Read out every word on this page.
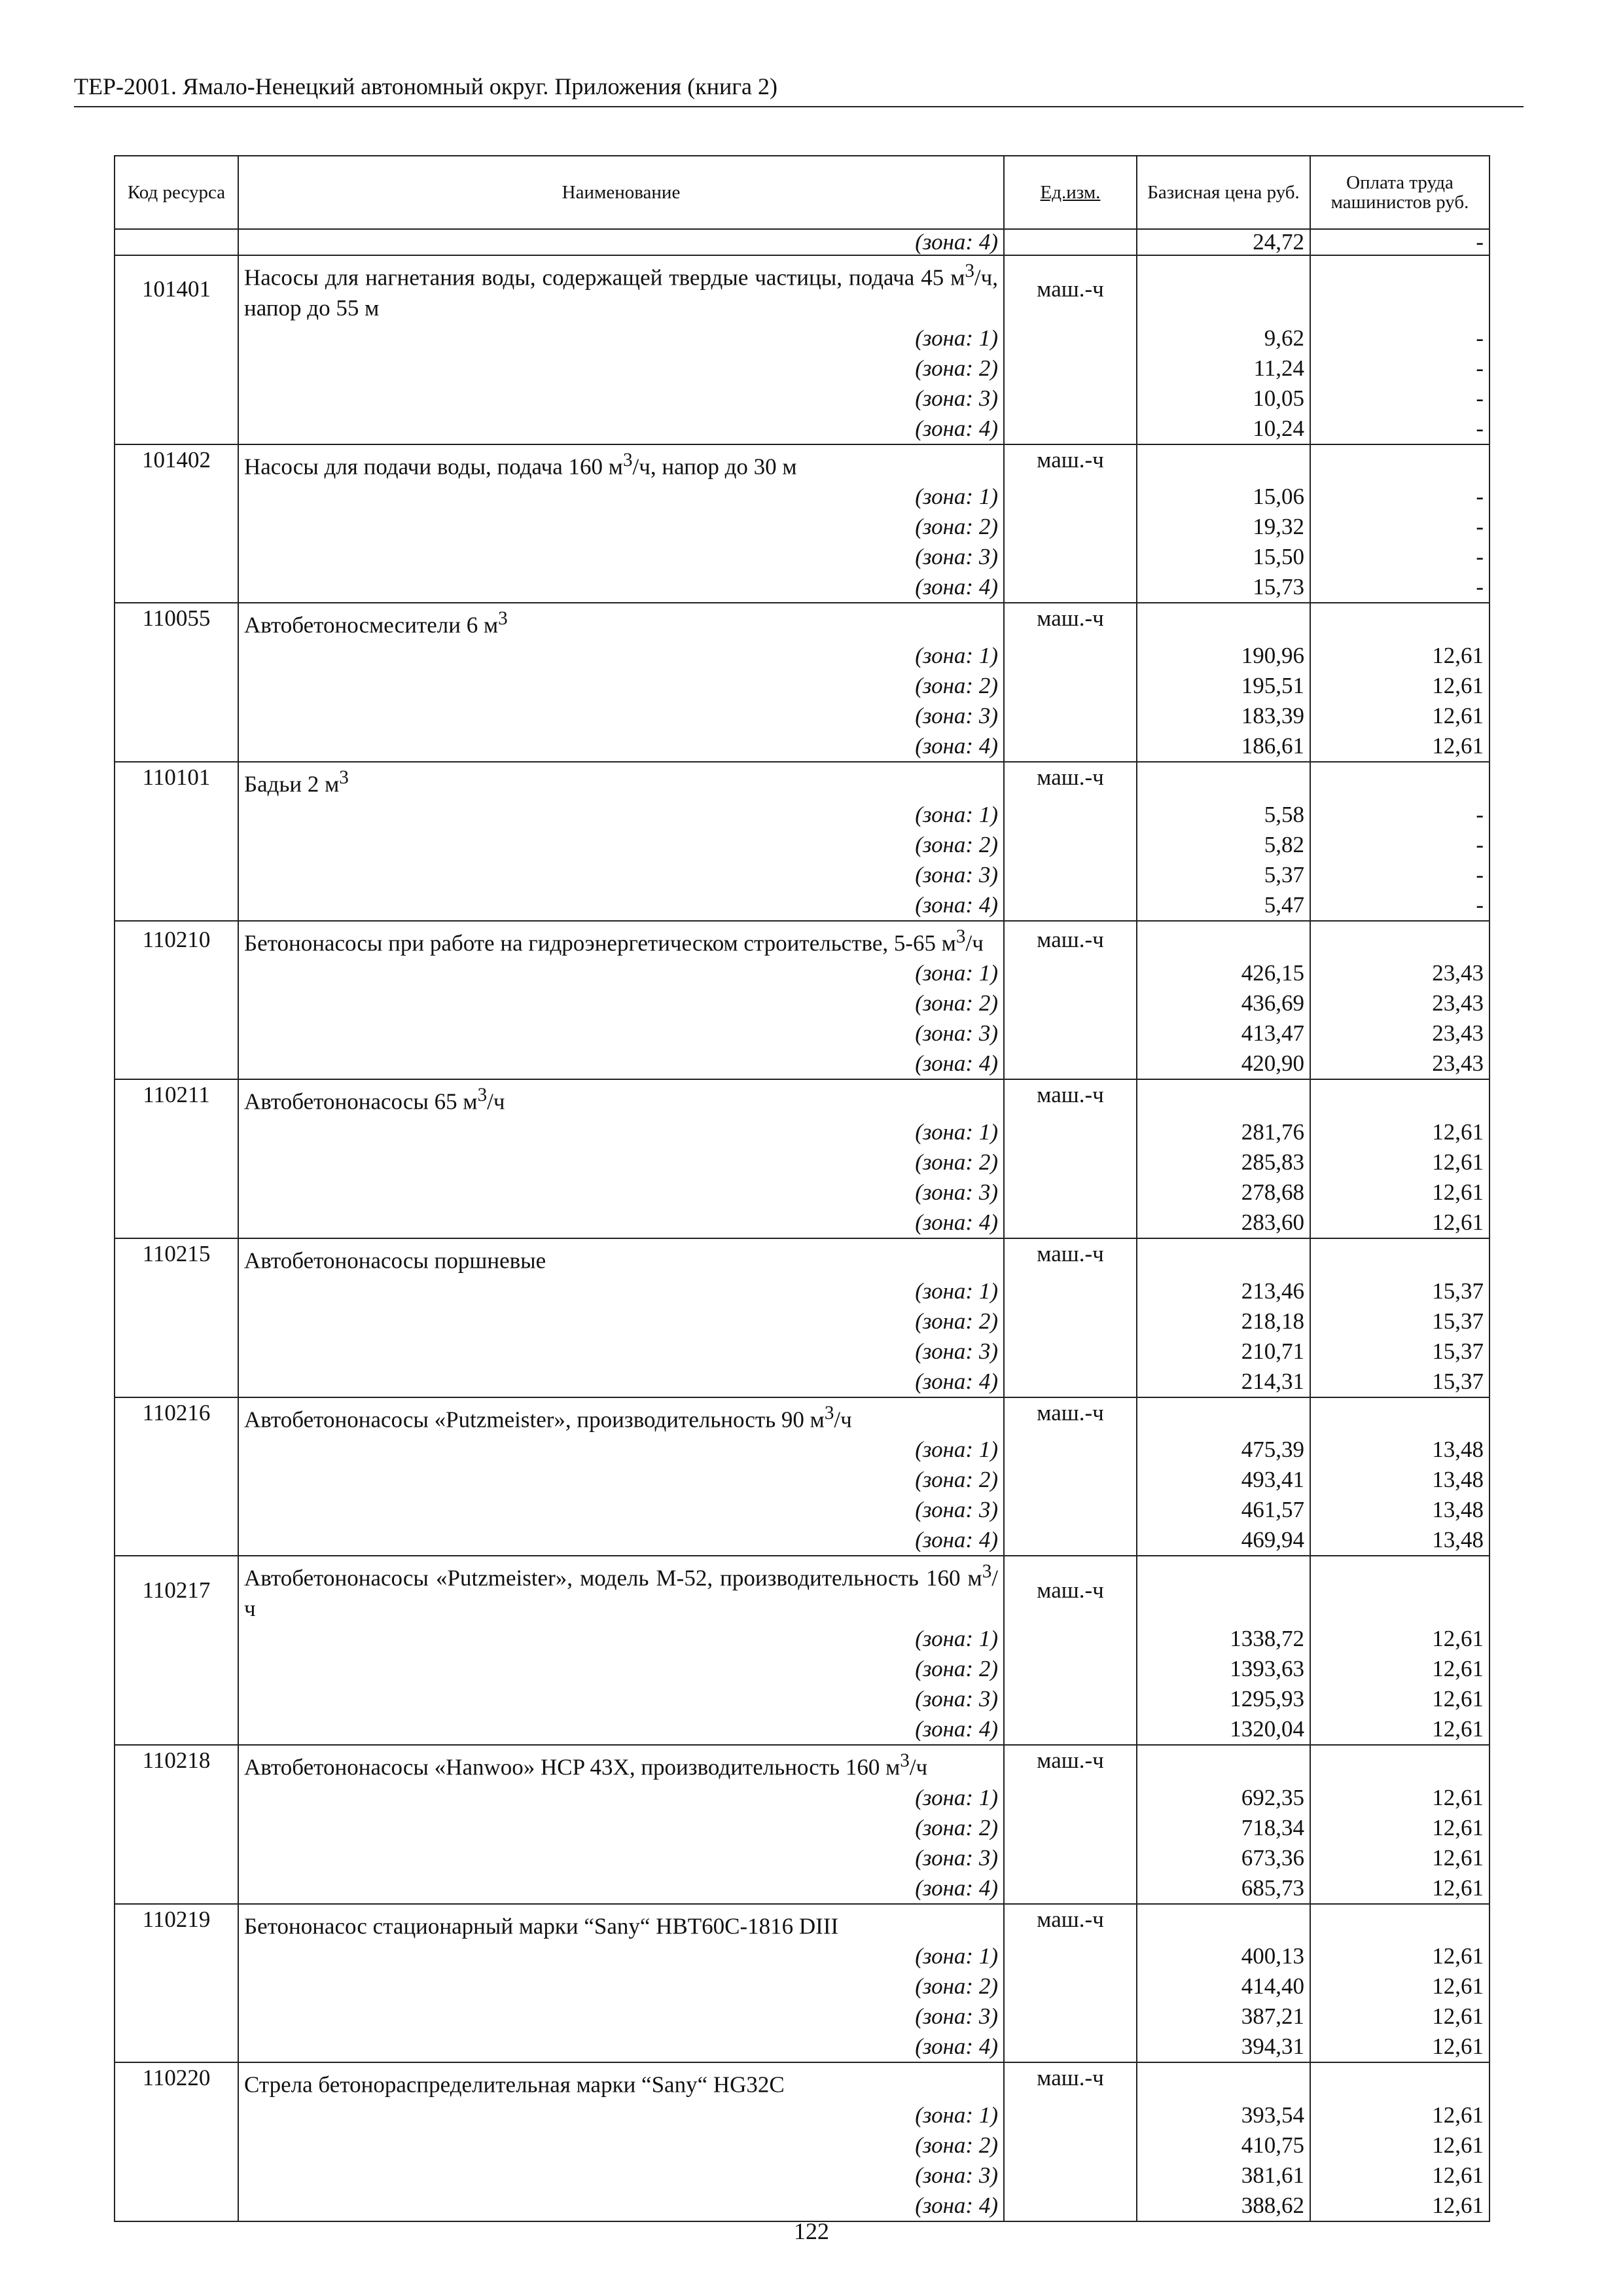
ТЕР-2001. Ямало-Ненецкий автономный округ. Приложения (книга 2)
Код ресурса	Наименование	Ед.изм.	Базисная цена руб.	Оплата труда машинистов руб.
	(зона: 4)		24,72	-
101401	Насосы для нагнетания воды, содержащей твердые частицы, подача 45 $м^3/ч$, напор до 55 м	маш.-ч		
	(зона: 1)		9,62	-
	(зона: 2)		11,24	-
	(зона: 3)		10,05	-
	(зона: 4)		10,24	-
101402	Насосы для подачи воды, подача 160 $м^3/ч$, напор до 30 м	маш.-ч		
	(зона: 1)		15,06	-
	(зона: 2)		19,32	-
	(зона: 3)		15,50	-
	(зона: 4)		15,73	-
110055	Автобетоносмесители 6 $м^3$	маш.-ч		
	(зона: 1)		190,96	12,61
	(зона: 2)		195,51	12,61
	(зона: 3)		183,39	12,61
	(зона: 4)		186,61	12,61
110101	Бадьи 2 $м^3$	маш.-ч		
	(зона: 1)		5,58	-
	(зона: 2)		5,82	-
	(зона: 3)		5,37	-
	(зона: 4)		5,47	-
110210	Бетононасосы при работе на гидроэнергетическом строительстве, 5-65 $м^3/ч$	маш.-ч		
	(зона: 1)		426,15	23,43
	(зона: 2)		436,69	23,43
	(зона: 3)		413,47	23,43
	(зона: 4)		420,90	23,43
110211	Автобетононасосы 65 $м^3/ч$	маш.-ч		
	(зона: 1)		281,76	12,61
	(зона: 2)		285,83	12,61
	(зона: 3)		278,68	12,61
	(зона: 4)		283,60	12,61
110215	Автобетононасосы поршневые	маш.-ч		
	(зона: 1)		213,46	15,37
	(зона: 2)		218,18	15,37
	(зона: 3)		210,71	15,37
	(зона: 4)		214,31	15,37
110216	Автобетононасосы «Putzmeister», производительность 90 $м^3/ч$	маш.-ч		
	(зона: 1)		475,39	13,48
	(зона: 2)		493,41	13,48
	(зона: 3)		461,57	13,48
	(зона: 4)		469,94	13,48
110217	Автобетононасосы «Putzmeister», модель М-52, производительность 160 $м^3/ч$	маш.-ч		
	(зона: 1)		1338,72	12,61
	(зона: 2)		1393,63	12,61
	(зона: 3)		1295,93	12,61
	(зона: 4)		1320,04	12,61
110218	Автобетононасосы «Hanwoo» HCP 43X, производительность 160 $м^3/ч$	маш.-ч		
	(зона: 1)		692,35	12,61
	(зона: 2)		718,34	12,61
	(зона: 3)		673,36	12,61
	(зона: 4)		685,73	12,61
110219	Бетононасос стационарный марки “Sany“ HBT60C-1816 DIII	маш.-ч		
	(зона: 1)		400,13	12,61
	(зона: 2)		414,40	12,61
	(зона: 3)		387,21	12,61
	(зона: 4)		394,31	12,61
110220	Стрела бетонораспределительная марки “Sany“ HG32C	маш.-ч		
	(зона: 1)		393,54	12,61
	(зона: 2)		410,75	12,61
	(зона: 3)		381,61	12,61
	(зона: 4)		388,62	12,61
122
